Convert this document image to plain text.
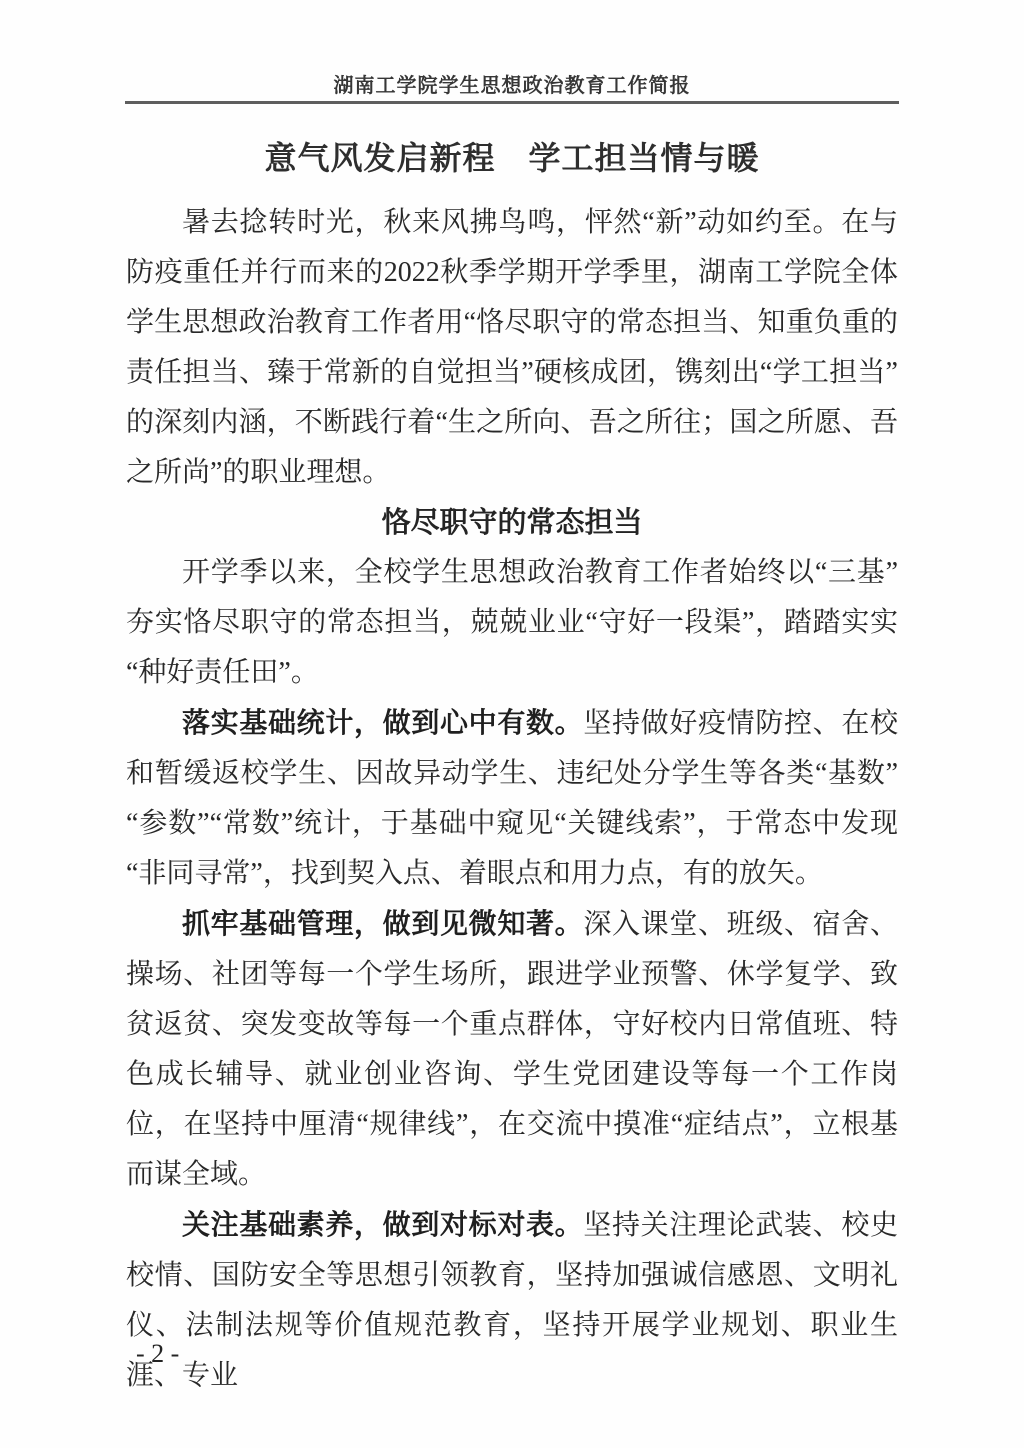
湖南工学院学生思想政治教育工作简报
意气风发启新程　学工担当情与暖

暑去捻转时光，秋来风拂鸟鸣，怦然“新”动如约至。在与防疫重任并行而来的2022秋季学期开学季里，湖南工学院全体学生思想政治教育工作者用“恪尽职守的常态担当、知重负重的责任担当、臻于常新的自觉担当”硬核成团，镌刻出“学工担当”的深刻内涵，不断践行着“生之所向、吾之所往；国之所愿、吾之所尚”的职业理想。

恪尽职守的常态担当

开学季以来，全校学生思想政治教育工作者始终以“三基”夯实恪尽职守的常态担当，兢兢业业“守好一段渠”，踏踏实实“种好责任田”。

落实基础统计，做到心中有数。坚持做好疫情防控、在校和暂缓返校学生、因故异动学生、违纪处分学生等各类“基数”“参数”“常数”统计，于基础中窥见“关键线索”，于常态中发现“非同寻常”，找到契入点、着眼点和用力点，有的放矢。

抓牢基础管理，做到见微知著。深入课堂、班级、宿舍、操场、社团等每一个学生场所，跟进学业预警、休学复学、致贫返贫、突发变故等每一个重点群体，守好校内日常值班、特色成长辅导、就业创业咨询、学生党团建设等每一个工作岗位，在坚持中厘清“规律线”，在交流中摸准“症结点”，立根基而谋全域。

关注基础素养，做到对标对表。坚持关注理论武装、校史校情、国防安全等思想引领教育，坚持加强诚信感恩、文明礼仪、法制法规等价值规范教育，坚持开展学业规划、职业生涯、专业

- 2 -
